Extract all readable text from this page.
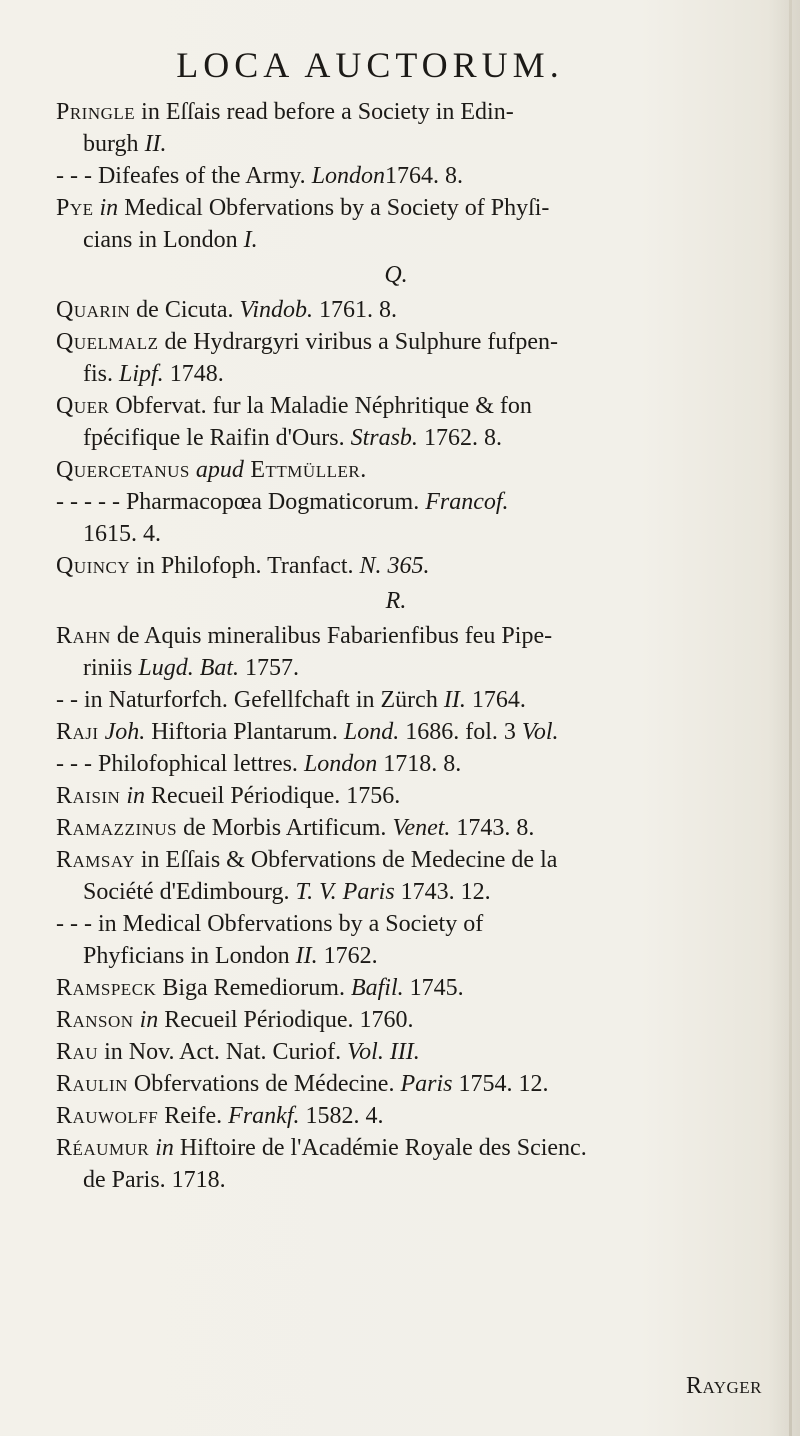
LOCA AUCTORUM.
Pringle in Eſſais read before a Society in Edin-
burgh II.
- - - Difeafes of the Army. London1764. 8.
Pye in Medical Obfervations by a Society of Phyſi-
cians in London I.
Q.
Quarin de Cicuta. Vindob. 1761. 8.
Quelmalz de Hydrargyri viribus a Sulphure fufpen-
fis. Lipf. 1748.
Quer Obfervat. fur la Maladie Néphritique & fon
fpécifique le Raifin d'Ours. Strasb. 1762. 8.
Quercetanus apud Ettmüller.
- - - - - Pharmacopœa Dogmaticorum. Francof.
1615. 4.
Quincy in Philofoph. Tranfact. N. 365.
R.
Rahn de Aquis mineralibus Fabarienfibus feu Pipe-
riniis Lugd. Bat. 1757.
- - in Naturforfch. Gefellfchaft in Zürch II. 1764.
Raji Joh. Hiftoria Plantarum. Lond. 1686. fol. 3 Vol.
- - - Philofophical lettres. London 1718. 8.
Raisin in Recueil Périodique. 1756.
Ramazzinus de Morbis Artificum. Venet. 1743. 8.
Ramsay in Eſſais & Obfervations de Medecine de la
Société d'Edimbourg. T. V. Paris 1743. 12.
- - - in Medical Obfervations by a Society of
Phyficians in London II. 1762.
Ramspeck Biga Remediorum. Bafil. 1745.
Ranson in Recueil Périodique. 1760.
Rau in Nov. Act. Nat. Curiof. Vol. III.
Raulin Obfervations de Médecine. Paris 1754. 12.
Rauwolff Reife. Frankf. 1582. 4.
Réaumur in Hiftoire de l'Académie Royale des Scienc.
de Paris. 1718.
Rayger
